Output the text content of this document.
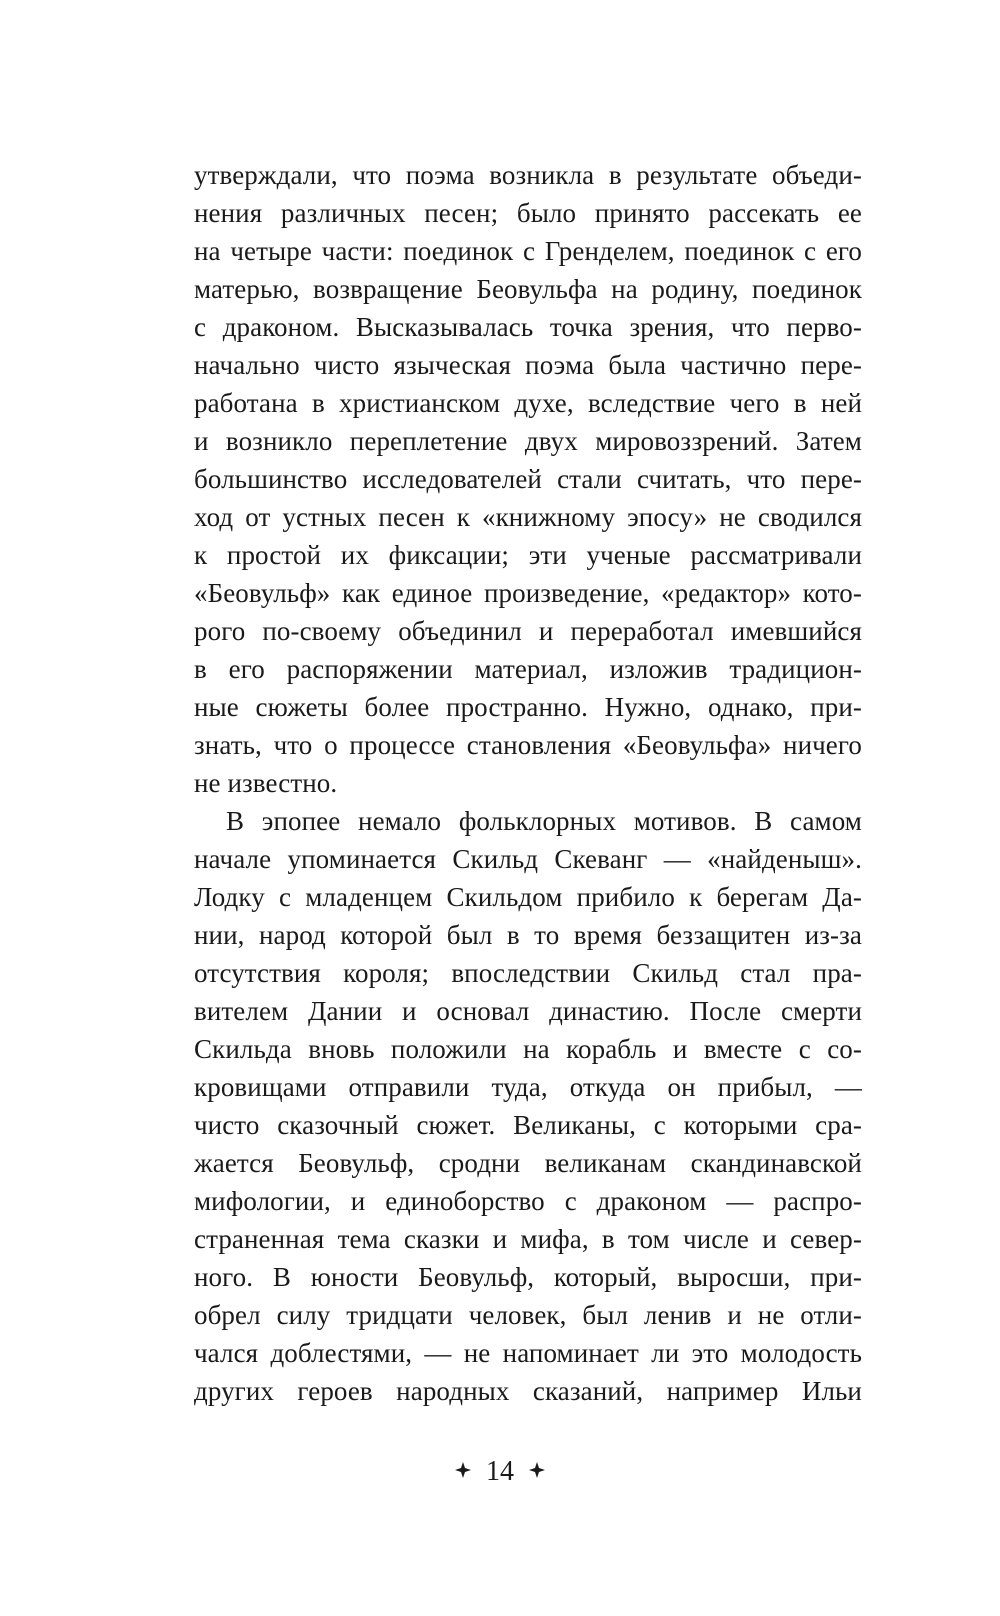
утверждали, что поэма возникла в результате объеди-
нения различных песен; было принято рассекать ее
на четыре части: поединок с Гренделем, поединок с его
матерью, возвращение Беовульфа на родину, поединок
с драконом. Высказывалась точка зрения, что перво-
начально чисто языческая поэма была частично пере-
работана в христианском духе, вследствие чего в ней
и возникло переплетение двух мировоззрений. Затем
большинство исследователей стали считать, что пере-
ход от устных песен к «книжному эпосу» не сводился
к простой их фиксации; эти ученые рассматривали
«Беовульф» как единое произведение, «редактор» кото-
рого по-своему объединил и переработал имевшийся
в его распоряжении материал, изложив традицион-
ные сюжеты более пространно. Нужно, однако, при-
знать, что о процессе становления «Беовульфа» ничего
не известно.
В эпопее немало фольклорных мотивов. В самом
начале упоминается Скильд Скеванг — «найденыш».
Лодку с младенцем Скильдом прибило к берегам Да-
нии, народ которой был в то время беззащитен из-за
отсутствия короля; впоследствии Скильд стал пра-
вителем Дании и основал династию. После смерти
Скильда вновь положили на корабль и вместе с со-
кровищами отправили туда, откуда он прибыл, —
чисто сказочный сюжет. Великаны, с которыми сра-
жается Беовульф, сродни великанам скандинавской
мифологии, и единоборство с драконом — распро-
страненная тема сказки и мифа, в том числе и север-
ного. В юности Беовульф, который, выросши, при-
обрел силу тридцати человек, был ленив и не отли-
чался доблестями, — не напоминает ли это молодость
других героев народных сказаний, например Ильи
14
